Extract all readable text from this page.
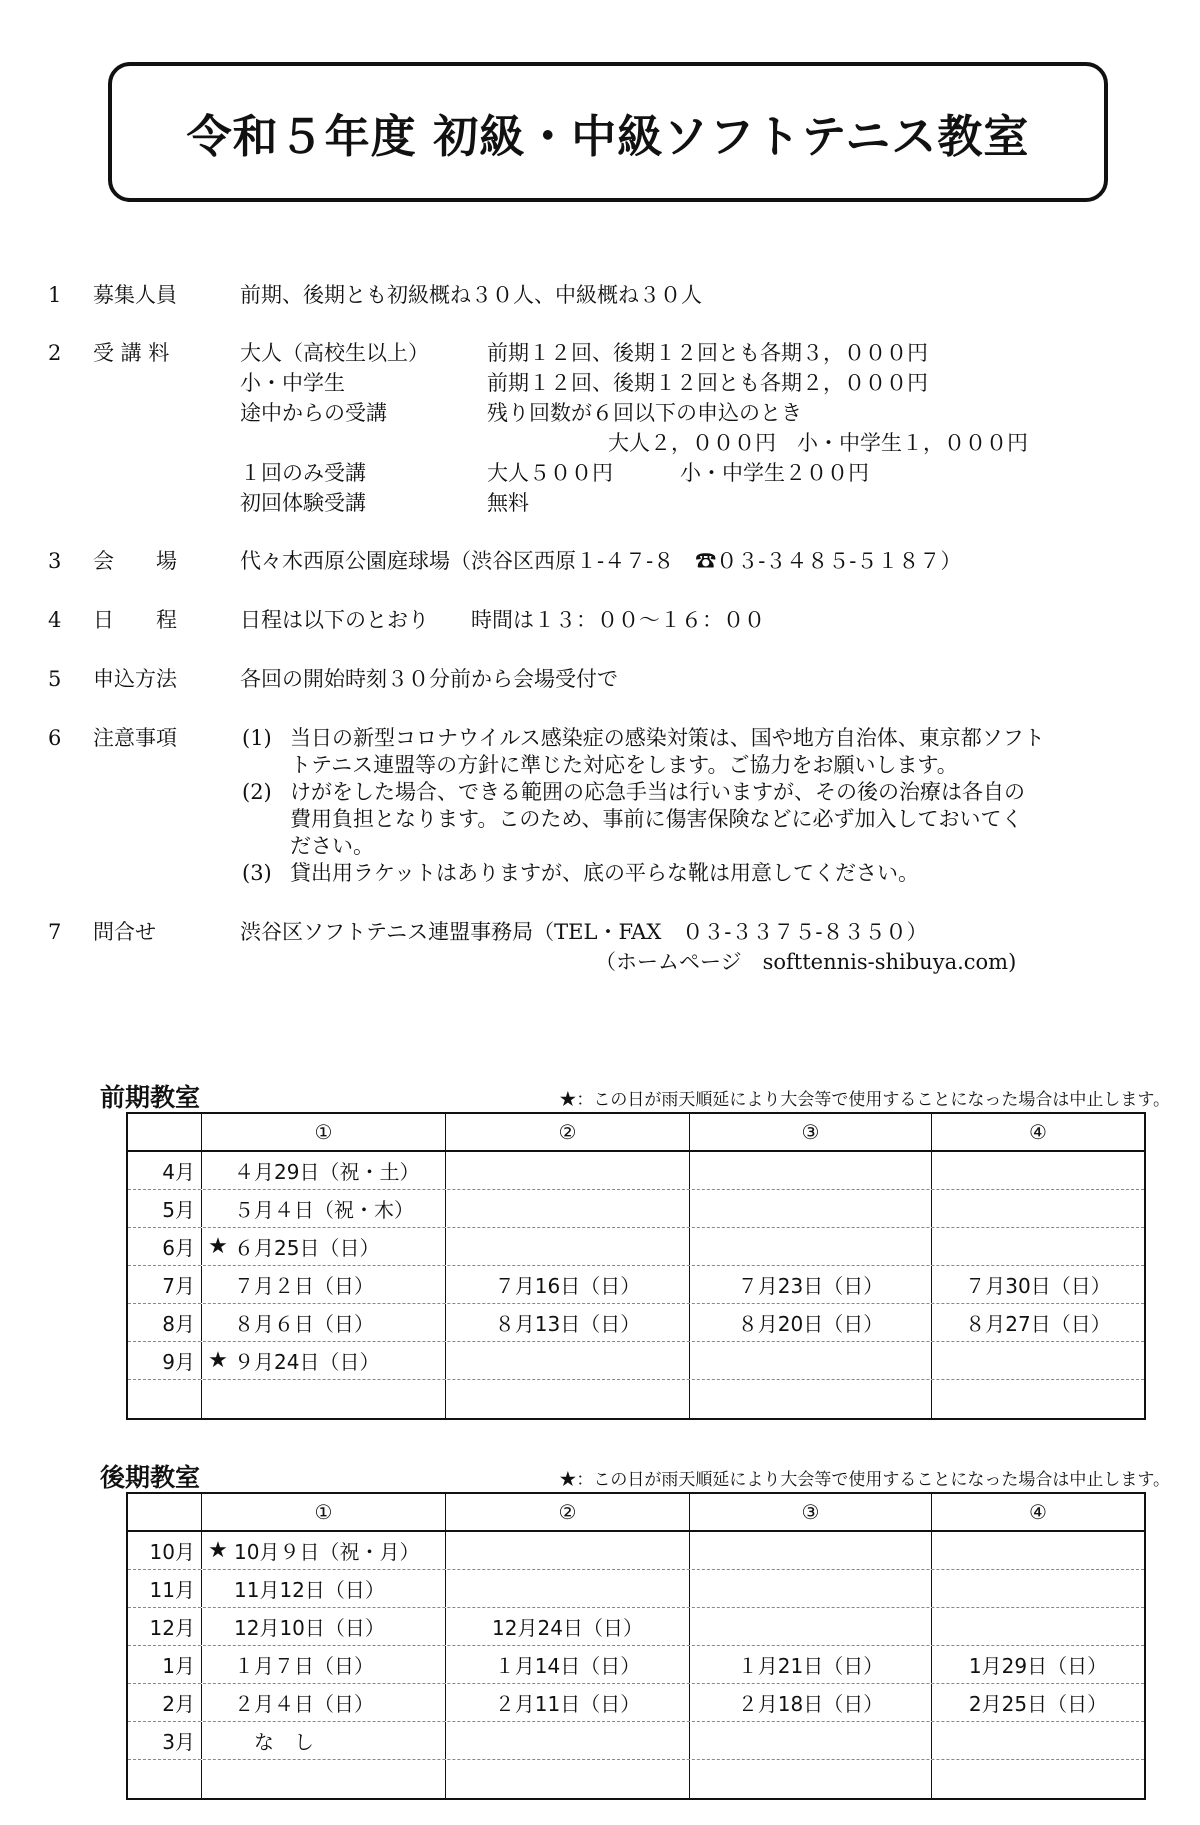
令和５年度 初級・中級ソフトテニス教室
1 募集人員	前期、後期とも初級概ね３０人、中級概ね３０人
2 受 講 料	大人（高校生以上）	前期１２回、後期１２回とも各期３，０００円
小・中学生	前期１２回、後期１２回とも各期２，０００円
途中からの受講	残り回数が６回以下の申込のとき
大人２，０００円　小・中学生１，０００円
１回のみ受講	大人５００円	小・中学生２００円
初回体験受講	無料
3 会　　場	代々木西原公園庭球場（渋谷区西原１-４７-８　☎０３-３４８５-５１８７）
4 日　　程	日程は以下のとおり　　時間は１３：００〜１６：００
5 申込方法	各回の開始時刻３０分前から会場受付で
6 注意事項	(1) 当日の新型コロナウイルス感染症の感染対策は、国や地方自治体、東京都ソフト
トテニス連盟等の方針に準じた対応をします。ご協力をお願いします。
(2) けがをした場合、できる範囲の応急手当は行いますが、その後の治療は各自の
費用負担となります。このため、事前に傷害保険などに必ず加入しておいてく
ださい。
(3) 貸出用ラケットはありますが、底の平らな靴は用意してください。
7 問合せ	渋谷区ソフトテニス連盟事務局（TEL・FAX　０３-３３７５-８３５０）
（ホームページ　softtennis-shibuya.com)
前期教室	★：この日が雨天順延により大会等で使用することになった場合は中止します。
①	②	③	④
4月	４月29日（祝・土）
5月	５月４日（祝・木）
6月 ★ ６月25日（日）
7月	７月２日（日）	７月16日（日）	７月23日（日）	７月30日（日）
8月	８月６日（日）	８月13日（日）	８月20日（日）	８月27日（日）
9月 ★ ９月24日（日）
後期教室	★：この日が雨天順延により大会等で使用することになった場合は中止します。
①	②	③	④
10月 ★ 10月９日（祝・月）
11月	11月12日（日）
12月	12月10日（日）	12月24日（日）
1月	１月７日（日）	１月14日（日）	１月21日（日）	1月29日（日）
2月	２月４日（日）	２月11日（日）	２月18日（日）	2月25日（日）
3月	な　し
